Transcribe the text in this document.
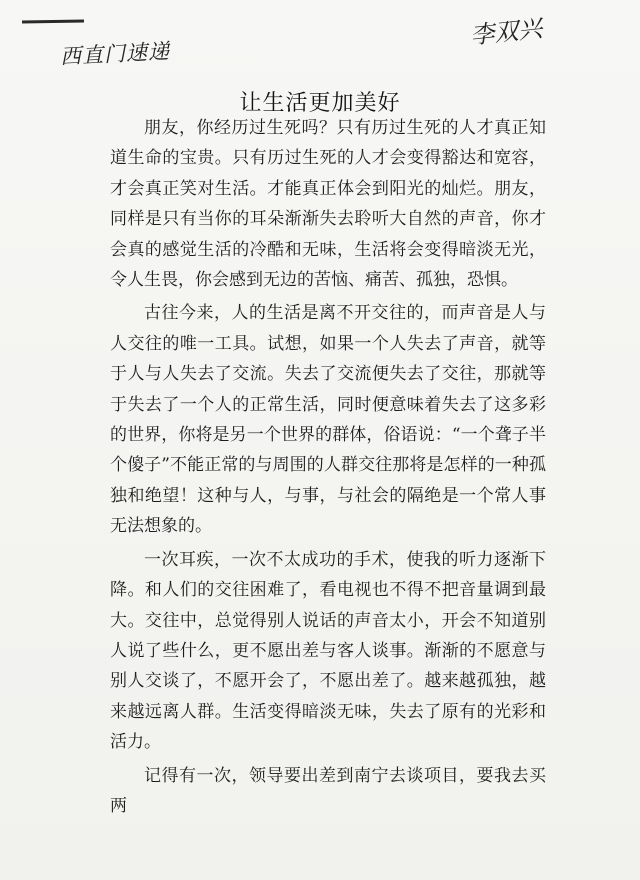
西直门速递
李双兴
让生活更加美好

朋友，你经历过生死吗？只有历过生死的人才真正知道生命的宝贵。只有历过生死的人才会变得豁达和宽容，才会真正笑对生活。才能真正体会到阳光的灿烂。朋友，同样是只有当你的耳朵渐渐失去聆听大自然的声音，你才会真的感觉生活的冷酷和无味，生活将会变得暗淡无光，令人生畏，你会感到无边的苦恼、痛苦、孤独，恐惧。

古往今来，人的生活是离不开交往的，而声音是人与人交往的唯一工具。试想，如果一个人失去了声音，就等于人与人失去了交流。失去了交流便失去了交往，那就等于失去了一个人的正常生活，同时便意味着失去了这多彩的世界，你将是另一个世界的群体，俗语说：“一个聋子半个傻子”不能正常的与周围的人群交往那将是怎样的一种孤独和绝望！这种与人，与事，与社会的隔绝是一个常人事无法想象的。

一次耳疾，一次不太成功的手术，使我的听力逐渐下降。和人们的交往困难了，看电视也不得不把音量调到最大。交往中，总觉得别人说话的声音太小，开会不知道别人说了些什么，更不愿出差与客人谈事。渐渐的不愿意与别人交谈了，不愿开会了，不愿出差了。越来越孤独，越来越远离人群。生活变得暗淡无味，失去了原有的光彩和活力。

记得有一次，领导要出差到南宁去谈项目，要我去买两
